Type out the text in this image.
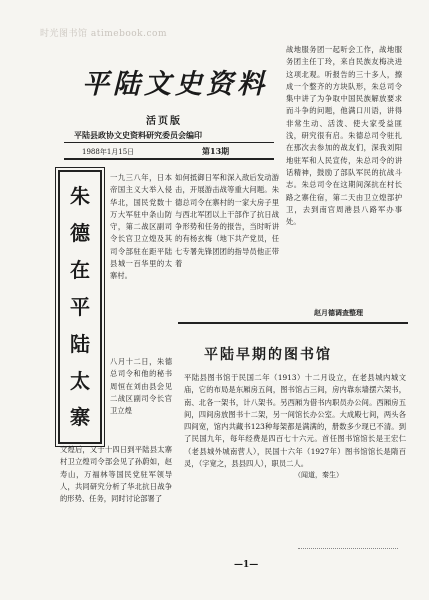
时光图书馆 atimebook.com
平陆文史资料
活页版
平陆县政协文史资料研究委员会编印
1988年1月15日	第13期
朱
德
在
平
陆
太
寨
一九三八年，日本帝国主义大举入侵华北，国民党数十万大军驻中条山防守，第二战区副司令长官卫立煌及其司令部驻在距平陆县城一百华里的太寨村。
八月十二日，朱德总司令和他的秘书周恒在刘由县会见二战区副司令长官卫立煌
文煌后，又于十四日到平陆县太寨村卫立煌司令部会见了孙蔚如，赵寿山，万福林等国民党驻军领导人，共同研究分析了华北抗日战争的形势、任务，同时讨论部署了
如何抵御日军和深入敌后发动游击，开展游击战等重大问题。朱德总司令在寨村的一家大房子里与西北军团以上干部作了抗日战争形势和任务的报告，当时听讲的有杨玄梅（地下共产党员，任七专署先锋团团的指导员他正带着
战地服务团一起听会工作，战地服务团主任丁玲，来自民族友梅决进这项北观。听报告的三十多人，擦成一个整齐的方块队形，朱总司令集中讲了为争取中国民族解放要求而斗争的问题，他满口川语，讲得非常生动、活泼、使大家受益匪浅，研究很有启。朱德总司令驻扎在那次去参加的战友们，深我刘阳地驻军和人民宣传，朱总司令的讲话精神，鼓励了部队军民的抗战斗志。朱总司令在这期间深抗在村长路之寨住宿，第二天由卫立煌部护卫，去到南官周港县八路军办事处。
赵月德调查整理
平陆早期的图书馆
平陆县图书馆于民国二年（1913）十二月设立，在老县城内城文庙，它的布局是东厢房五间，图书馆占三间，房内靠东墙摆六架书，南、北各一架书，计八架书。另西厢为借书内职员办公间。西厢房五间，四间房放图书十二架，另一间馆长办公室。大成殿七间，两头各四间宽，馆内共藏书123种每架都是满满的，册数多少现已不清。到了民国九年，每年经费是四百七十六元。首任图书馆馆长是王宏仁（老县城外城南营人），民国十六年（1927年）图书馆馆长是隋百灵，（字宽之，县县四人），职员二人。
（闻道，秦生）
—1—
